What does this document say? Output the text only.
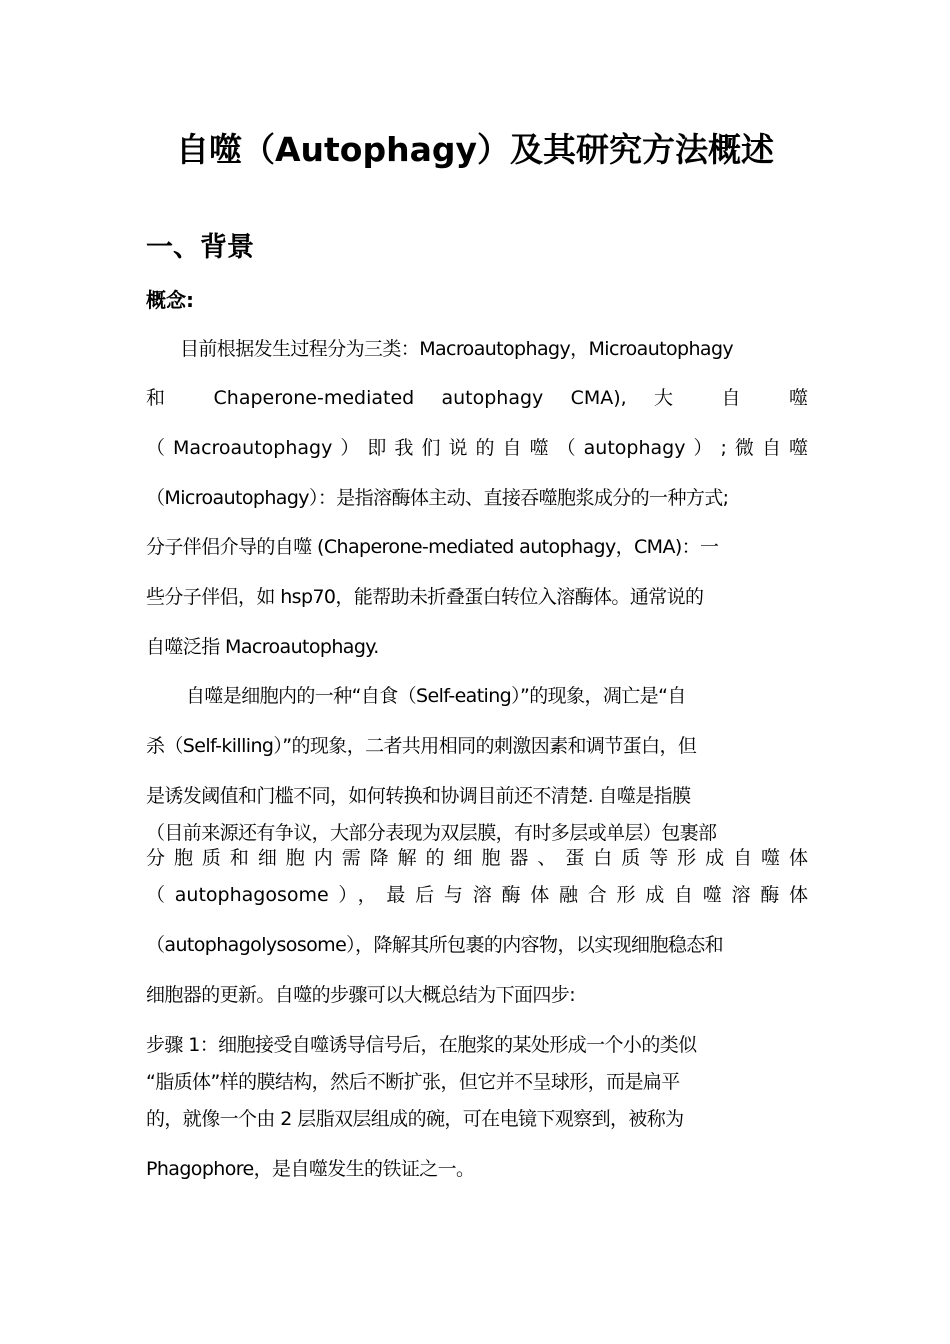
自噬（Autophagy）及其研究方法概述
一、背景
概念:
目前根据发生过程分为三类：Macroautophagy，Microautophagy
和 Chaperone-mediated autophagy CMA), 大 自 噬
（Macroautophagy）即我们说的自噬（autophagy）;微自噬
（Microautophagy）：是指溶酶体主动、直接吞噬胞浆成分的一种方式;
分子伴侣介导的自噬 (Chaperone-mediated autophagy，CMA)：一
些分子伴侣，如 hsp70，能帮助未折叠蛋白转位入溶酶体。通常说的
自噬泛指 Macroautophagy.
自噬是细胞内的一种“自食（Self-eating）”的现象，凋亡是“自
杀（Self-killing）”的现象，二者共用相同的刺激因素和调节蛋白，但
是诱发阈值和门槛不同，如何转换和协调目前还不清楚. 自噬是指膜
（目前来源还有争议，大部分表现为双层膜，有时多层或单层）包裹部
分胞质和细胞内需降解的细胞器、蛋白质等形成自噬体
（autophagosome），最后与溶酶体融合形成自噬溶酶体
（autophagolysosome），降解其所包裹的内容物，以实现细胞稳态和
细胞器的更新。自噬的步骤可以大概总结为下面四步:
步骤 1：细胞接受自噬诱导信号后，在胞浆的某处形成一个小的类似
“脂质体”样的膜结构，然后不断扩张，但它并不呈球形，而是扁平
的，就像一个由 2 层脂双层组成的碗，可在电镜下观察到，被称为
Phagophore，是自噬发生的铁证之一。
